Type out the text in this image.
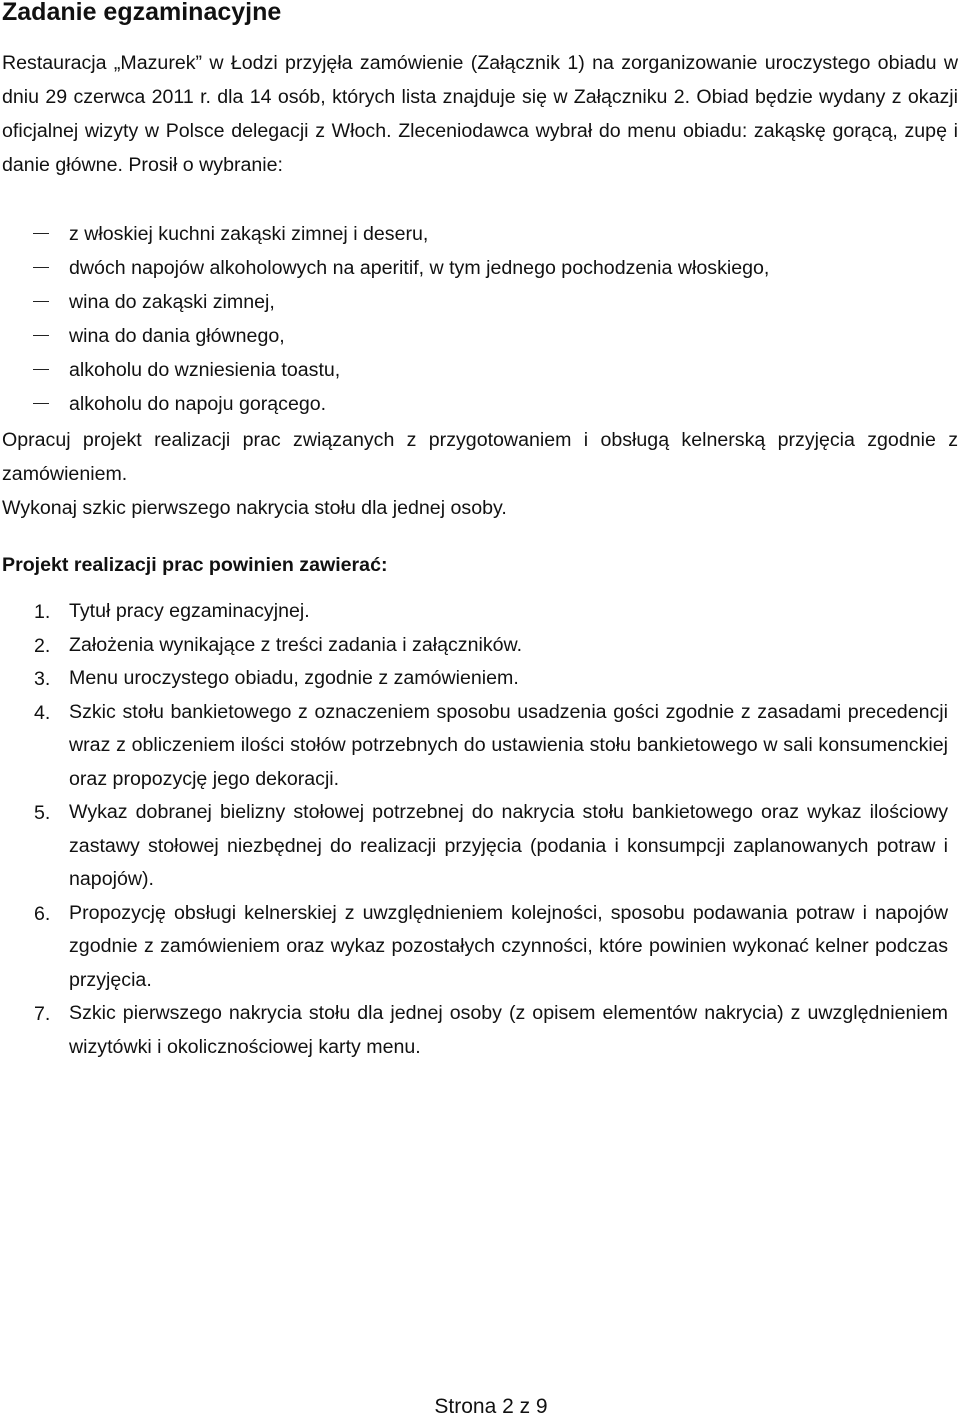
Zadanie egzaminacyjne

Restauracja „Mazurek” w Łodzi przyjęła zamówienie (Załącznik 1) na zorganizowanie uroczystego obiadu w dniu 29 czerwca 2011 r. dla 14 osób, których lista znajduje się w Załączniku 2. Obiad będzie wydany z okazji oficjalnej wizyty w Polsce delegacji z Włoch. Zleceniodawca wybrał do menu obiadu: zakąskę gorącą, zupę i danie główne. Prosił o wybranie:

z włoskiej kuchni zakąski zimnej i deseru,
dwóch napojów alkoholowych na aperitif, w tym jednego pochodzenia włoskiego,
wina do zakąski zimnej,
wina do dania głównego,
alkoholu do wzniesienia toastu,
alkoholu do napoju gorącego.

Opracuj projekt realizacji prac związanych z przygotowaniem i obsługą kelnerską przyjęcia zgodnie z zamówieniem.

Wykonaj szkic pierwszego nakrycia stołu dla jednej osoby.

Projekt realizacji prac powinien zawierać:
1. Tytuł pracy egzaminacyjnej.
2. Założenia wynikające z treści zadania i załączników.
3. Menu uroczystego obiadu, zgodnie z zamówieniem.
4. Szkic stołu bankietowego z oznaczeniem sposobu usadzenia gości zgodnie z zasadami precedencji wraz z obliczeniem ilości stołów potrzebnych do ustawienia stołu bankietowego w sali konsumenckiej oraz propozycję jego dekoracji.
5. Wykaz dobranej bielizny stołowej potrzebnej do nakrycia stołu bankietowego oraz wykaz ilościowy zastawy stołowej niezbędnej do realizacji przyjęcia (podania i konsumpcji zaplanowanych potraw i napojów).
6. Propozycję obsługi kelnerskiej z uwzględnieniem kolejności, sposobu podawania potraw i napojów zgodnie z zamówieniem oraz wykaz pozostałych czynności, które powinien wykonać kelner podczas przyjęcia.
7. Szkic pierwszego nakrycia stołu dla jednej osoby (z opisem elementów nakrycia) z uwzględnieniem wizytówki i okolicznościowej karty menu.
Strona 2 z 9
